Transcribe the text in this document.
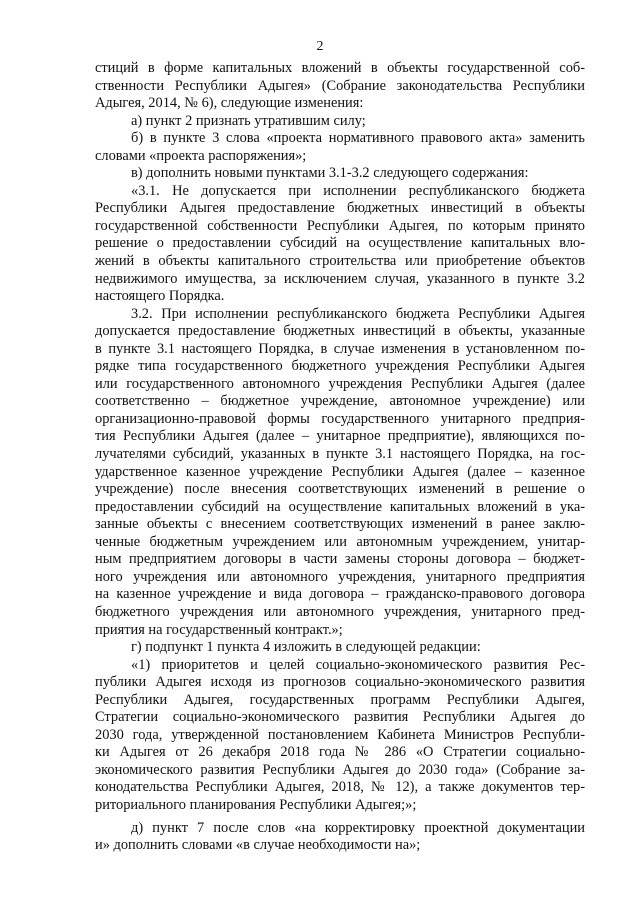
2
стиций в форме капитальных вложений в объекты государственной соб-
ственности Республики Адыгея» (Собрание законодательства Республики
Адыгея, 2014, № 6), следующие изменения:
а) пункт 2 признать утратившим силу;
б) в пункте 3 слова «проекта нормативного правового акта» заменить
словами «проекта распоряжения»;
в) дополнить новыми пунктами 3.1-3.2 следующего содержания:
«3.1. Не допускается при исполнении республиканского бюджета
Республики Адыгея предоставление бюджетных инвестиций в объекты
государственной собственности Республики Адыгея, по которым принято
решение о предоставлении субсидий на осуществление капитальных вло-
жений в объекты капитального строительства или приобретение объектов
недвижимого имущества, за исключением случая, указанного в пункте 3.2
настоящего Порядка.
3.2. При исполнении республиканского бюджета Республики Адыгея
допускается предоставление бюджетных инвестиций в объекты, указанные
в пункте 3.1 настоящего Порядка, в случае изменения в установленном по-
рядке типа государственного бюджетного учреждения Республики Адыгея
или государственного автономного учреждения Республики Адыгея (далее
соответственно – бюджетное учреждение, автономное учреждение) или
организационно-правовой формы государственного унитарного предприя-
тия Республики Адыгея (далее – унитарное предприятие), являющихся по-
лучателями субсидий, указанных в пункте 3.1 настоящего Порядка, на гос-
ударственное казенное учреждение Республики Адыгея (далее – казенное
учреждение) после внесения соответствующих изменений в решение о
предоставлении субсидий на осуществление капитальных вложений в ука-
занные объекты с внесением соответствующих изменений в ранее заклю-
ченные бюджетным учреждением или автономным учреждением, унитар-
ным предприятием договоры в части замены стороны договора – бюджет-
ного учреждения или автономного учреждения, унитарного предприятия
на казенное учреждение и вида договора – гражданско-правового договора
бюджетного учреждения или автономного учреждения, унитарного пред-
приятия на государственный контракт.»;
г) подпункт 1 пункта 4 изложить в следующей редакции:
«1) приоритетов и целей социально-экономического развития Рес-
публики Адыгея исходя из прогнозов социально-экономического развития
Республики Адыгея, государственных программ Республики Адыгея,
Стратегии социально-экономического развития Республики Адыгея до
2030 года, утвержденной постановлением Кабинета Министров Республи-
ки Адыгея от 26 декабря 2018 года № 286 «О Стратегии социально-
экономического развития Республики Адыгея до 2030 года» (Собрание за-
конодательства Республики Адыгея, 2018, № 12), а также документов тер-
риториального планирования Республики Адыгея;»;
д) пункт 7 после слов «на корректировку проектной документации
и» дополнить словами «в случае необходимости на»;
